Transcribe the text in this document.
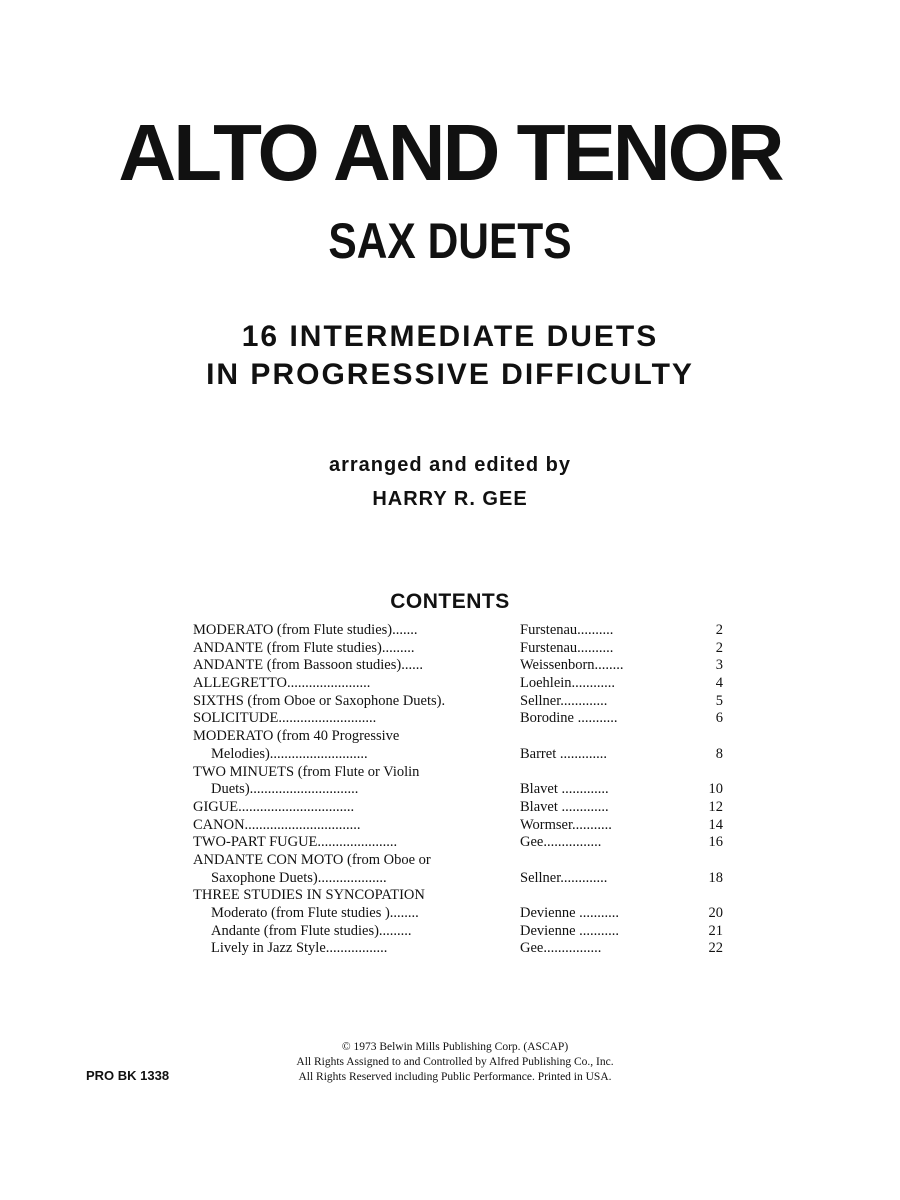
ALTO AND TENOR
SAX DUETS
16 INTERMEDIATE DUETS
IN PROGRESSIVE DIFFICULTY
arranged and edited by
HARRY R. GEE
CONTENTS
MODERATO (from Flute studies).......	Furstenau..........	2
ANDANTE (from Flute studies).........	Furstenau..........	2
ANDANTE (from Bassoon studies)......	Weissenborn........	3
ALLEGRETTO.......................	Loehlein............	4
SIXTHS (from Oboe or Saxophone Duets).	Sellner.............	5
SOLICITUDE...........................	Borodine ...........	6
MODERATO (from 40 Progressive
Melodies)...........................	Barret .............	8
TWO MINUETS (from Flute or Violin
Duets)..............................	Blavet .............	10
GIGUE................................	Blavet .............	12
CANON................................	Wormser...........	14
TWO-PART FUGUE......................	Gee................	16
ANDANTE CON MOTO (from Oboe or
Saxophone Duets)...................	Sellner.............	18
THREE STUDIES IN SYNCOPATION
Moderato (from Flute studies )........	Devienne ...........	20
Andante (from Flute studies).........	Devienne ...........	21
Lively in Jazz Style.................	Gee................	22
© 1973 Belwin Mills Publishing Corp. (ASCAP)
All Rights Assigned to and Controlled by Alfred Publishing Co., Inc.
All Rights Reserved including Public Performance. Printed in USA.
PRO BK 1338
